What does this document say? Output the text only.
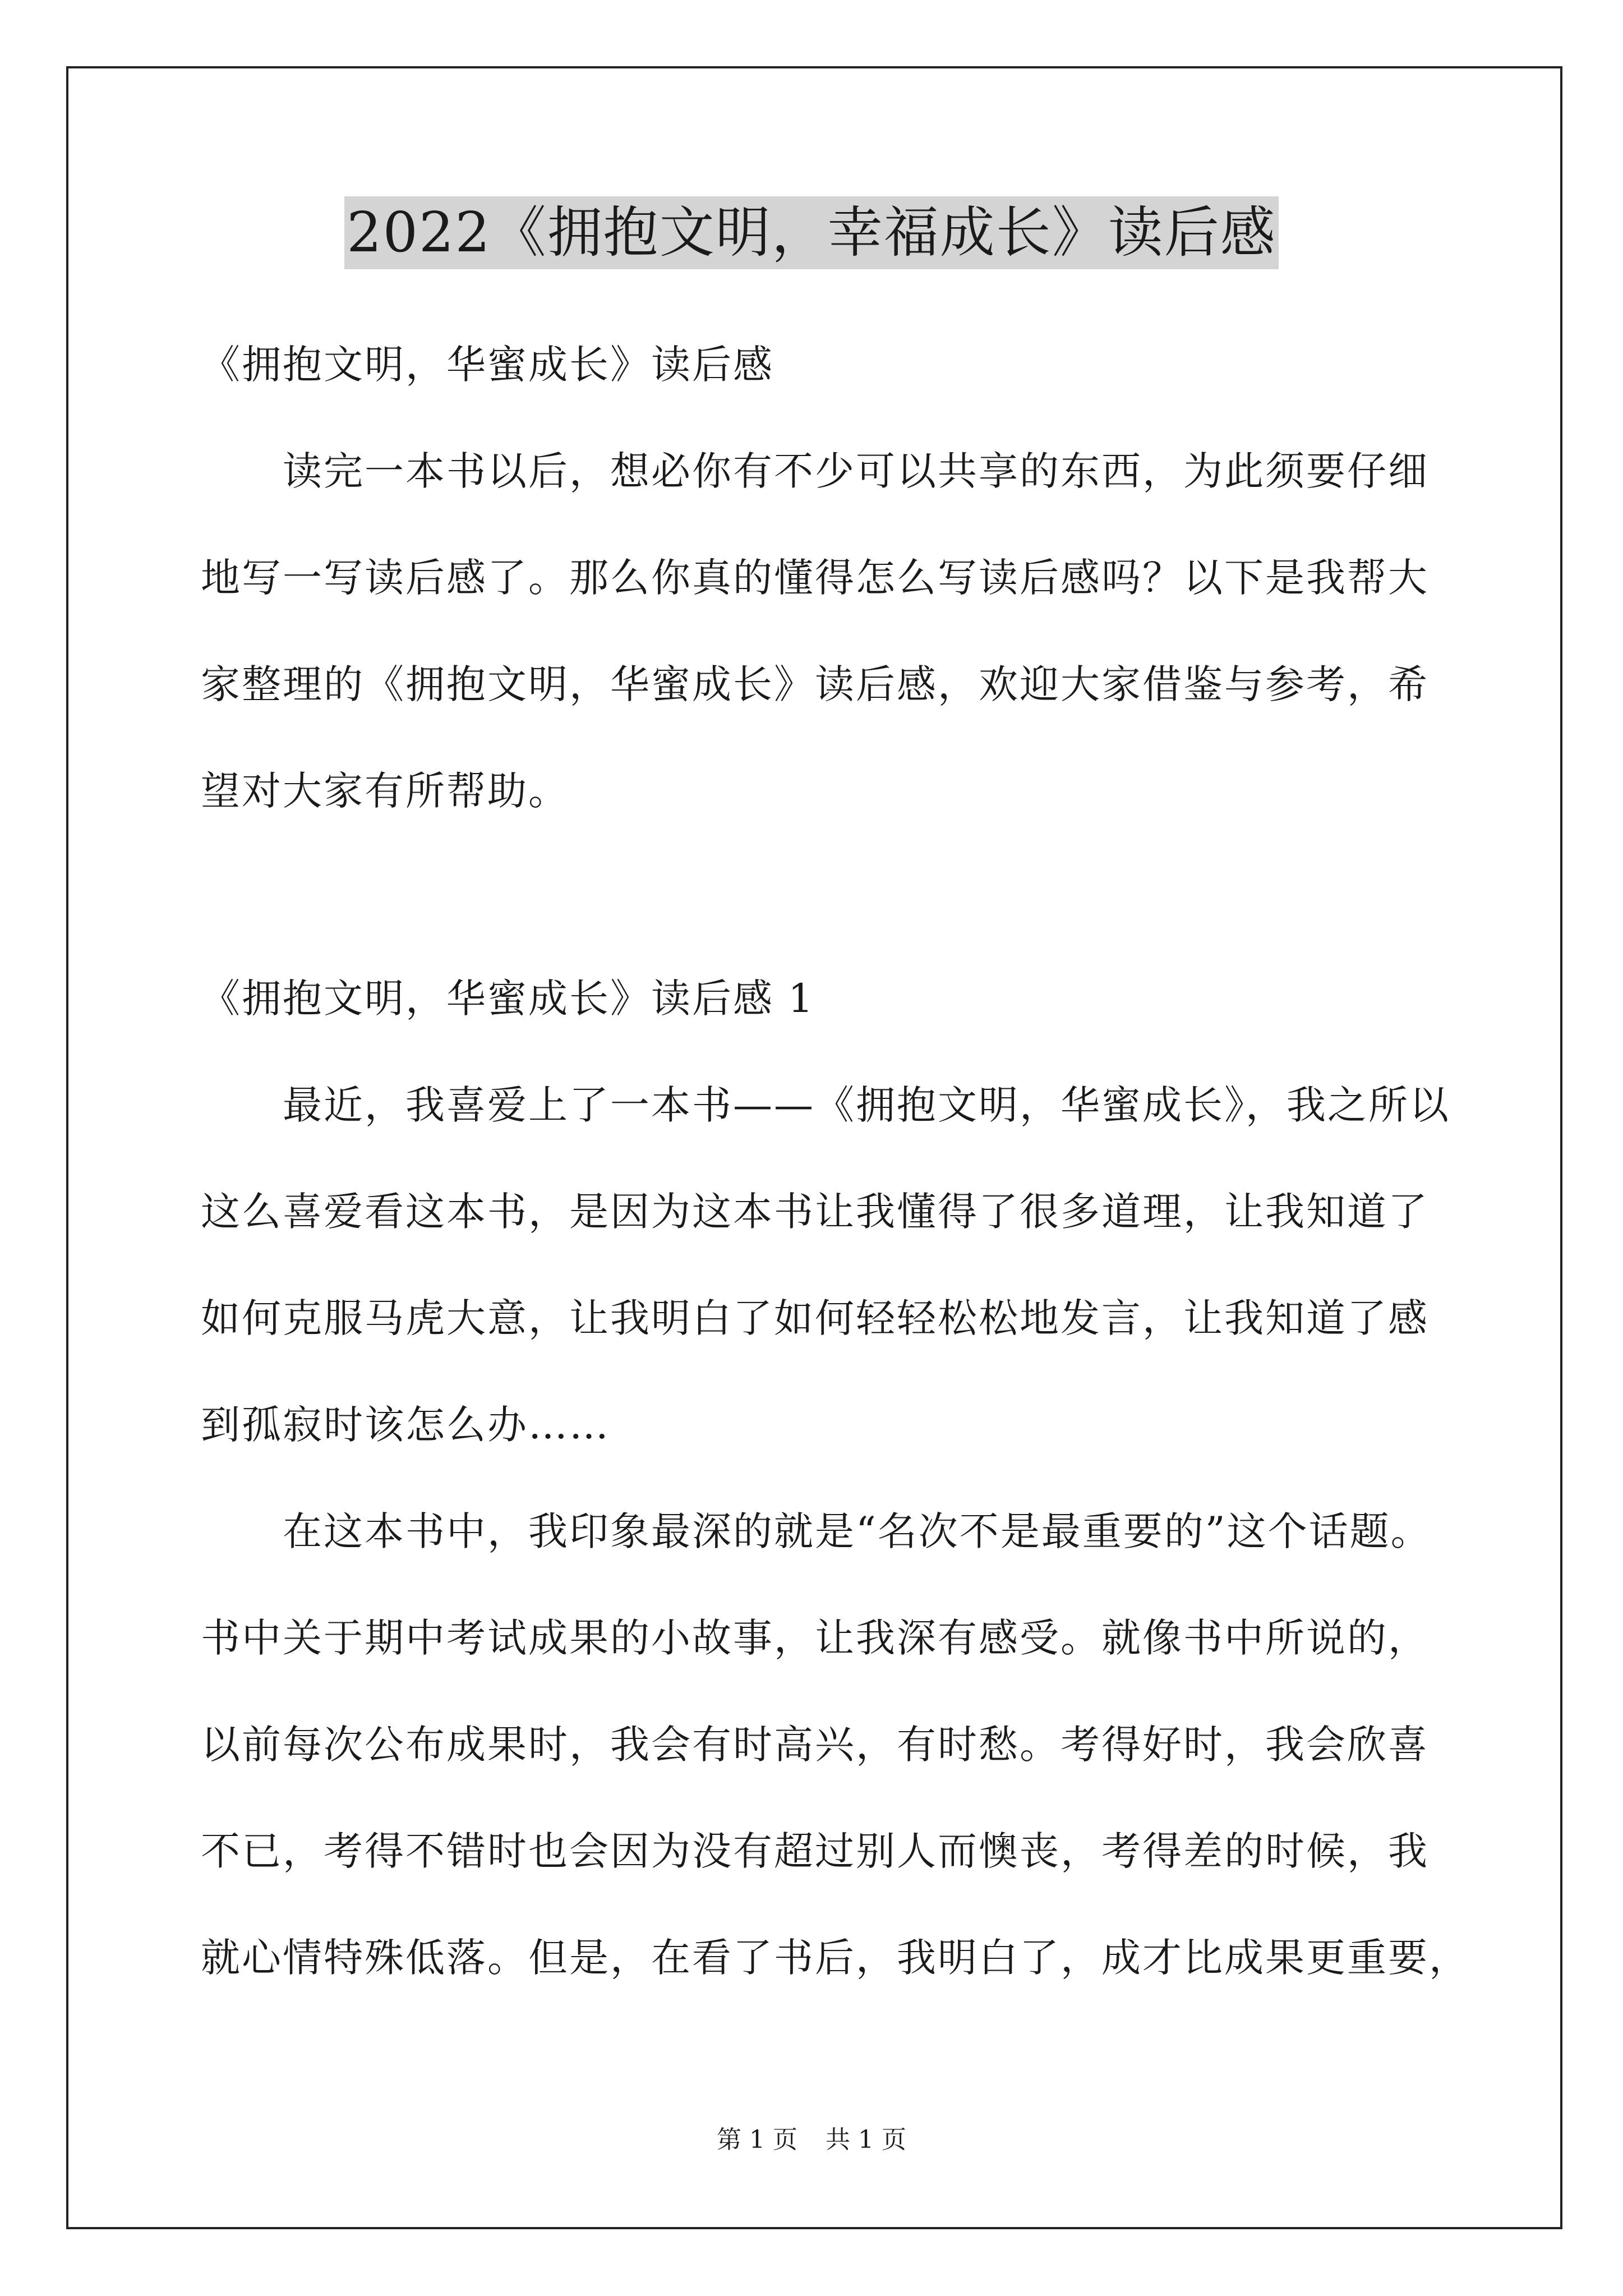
2022《拥抱文明，幸福成长》读后感
《拥抱文明，华蜜成长》读后感
读完一本书以后，想必你有不少可以共享的东西，为此须要仔细
地写一写读后感了。那么你真的懂得怎么写读后感吗？以下是我帮大
家整理的《拥抱文明，华蜜成长》读后感，欢迎大家借鉴与参考，希
望对大家有所帮助。
《拥抱文明，华蜜成长》读后感 1
最近，我喜爱上了一本书——《拥抱文明，华蜜成长》，我之所以
这么喜爱看这本书，是因为这本书让我懂得了很多道理，让我知道了
如何克服马虎大意，让我明白了如何轻轻松松地发言，让我知道了感
到孤寂时该怎么办……
在这本书中，我印象最深的就是“名次不是最重要的”这个话题。
书中关于期中考试成果的小故事，让我深有感受。就像书中所说的，
以前每次公布成果时，我会有时高兴，有时愁。考得好时，我会欣喜
不已，考得不错时也会因为没有超过别人而懊丧，考得差的时候，我
就心情特殊低落。但是，在看了书后，我明白了，成才比成果更重要，
第 1 页 共 1 页
